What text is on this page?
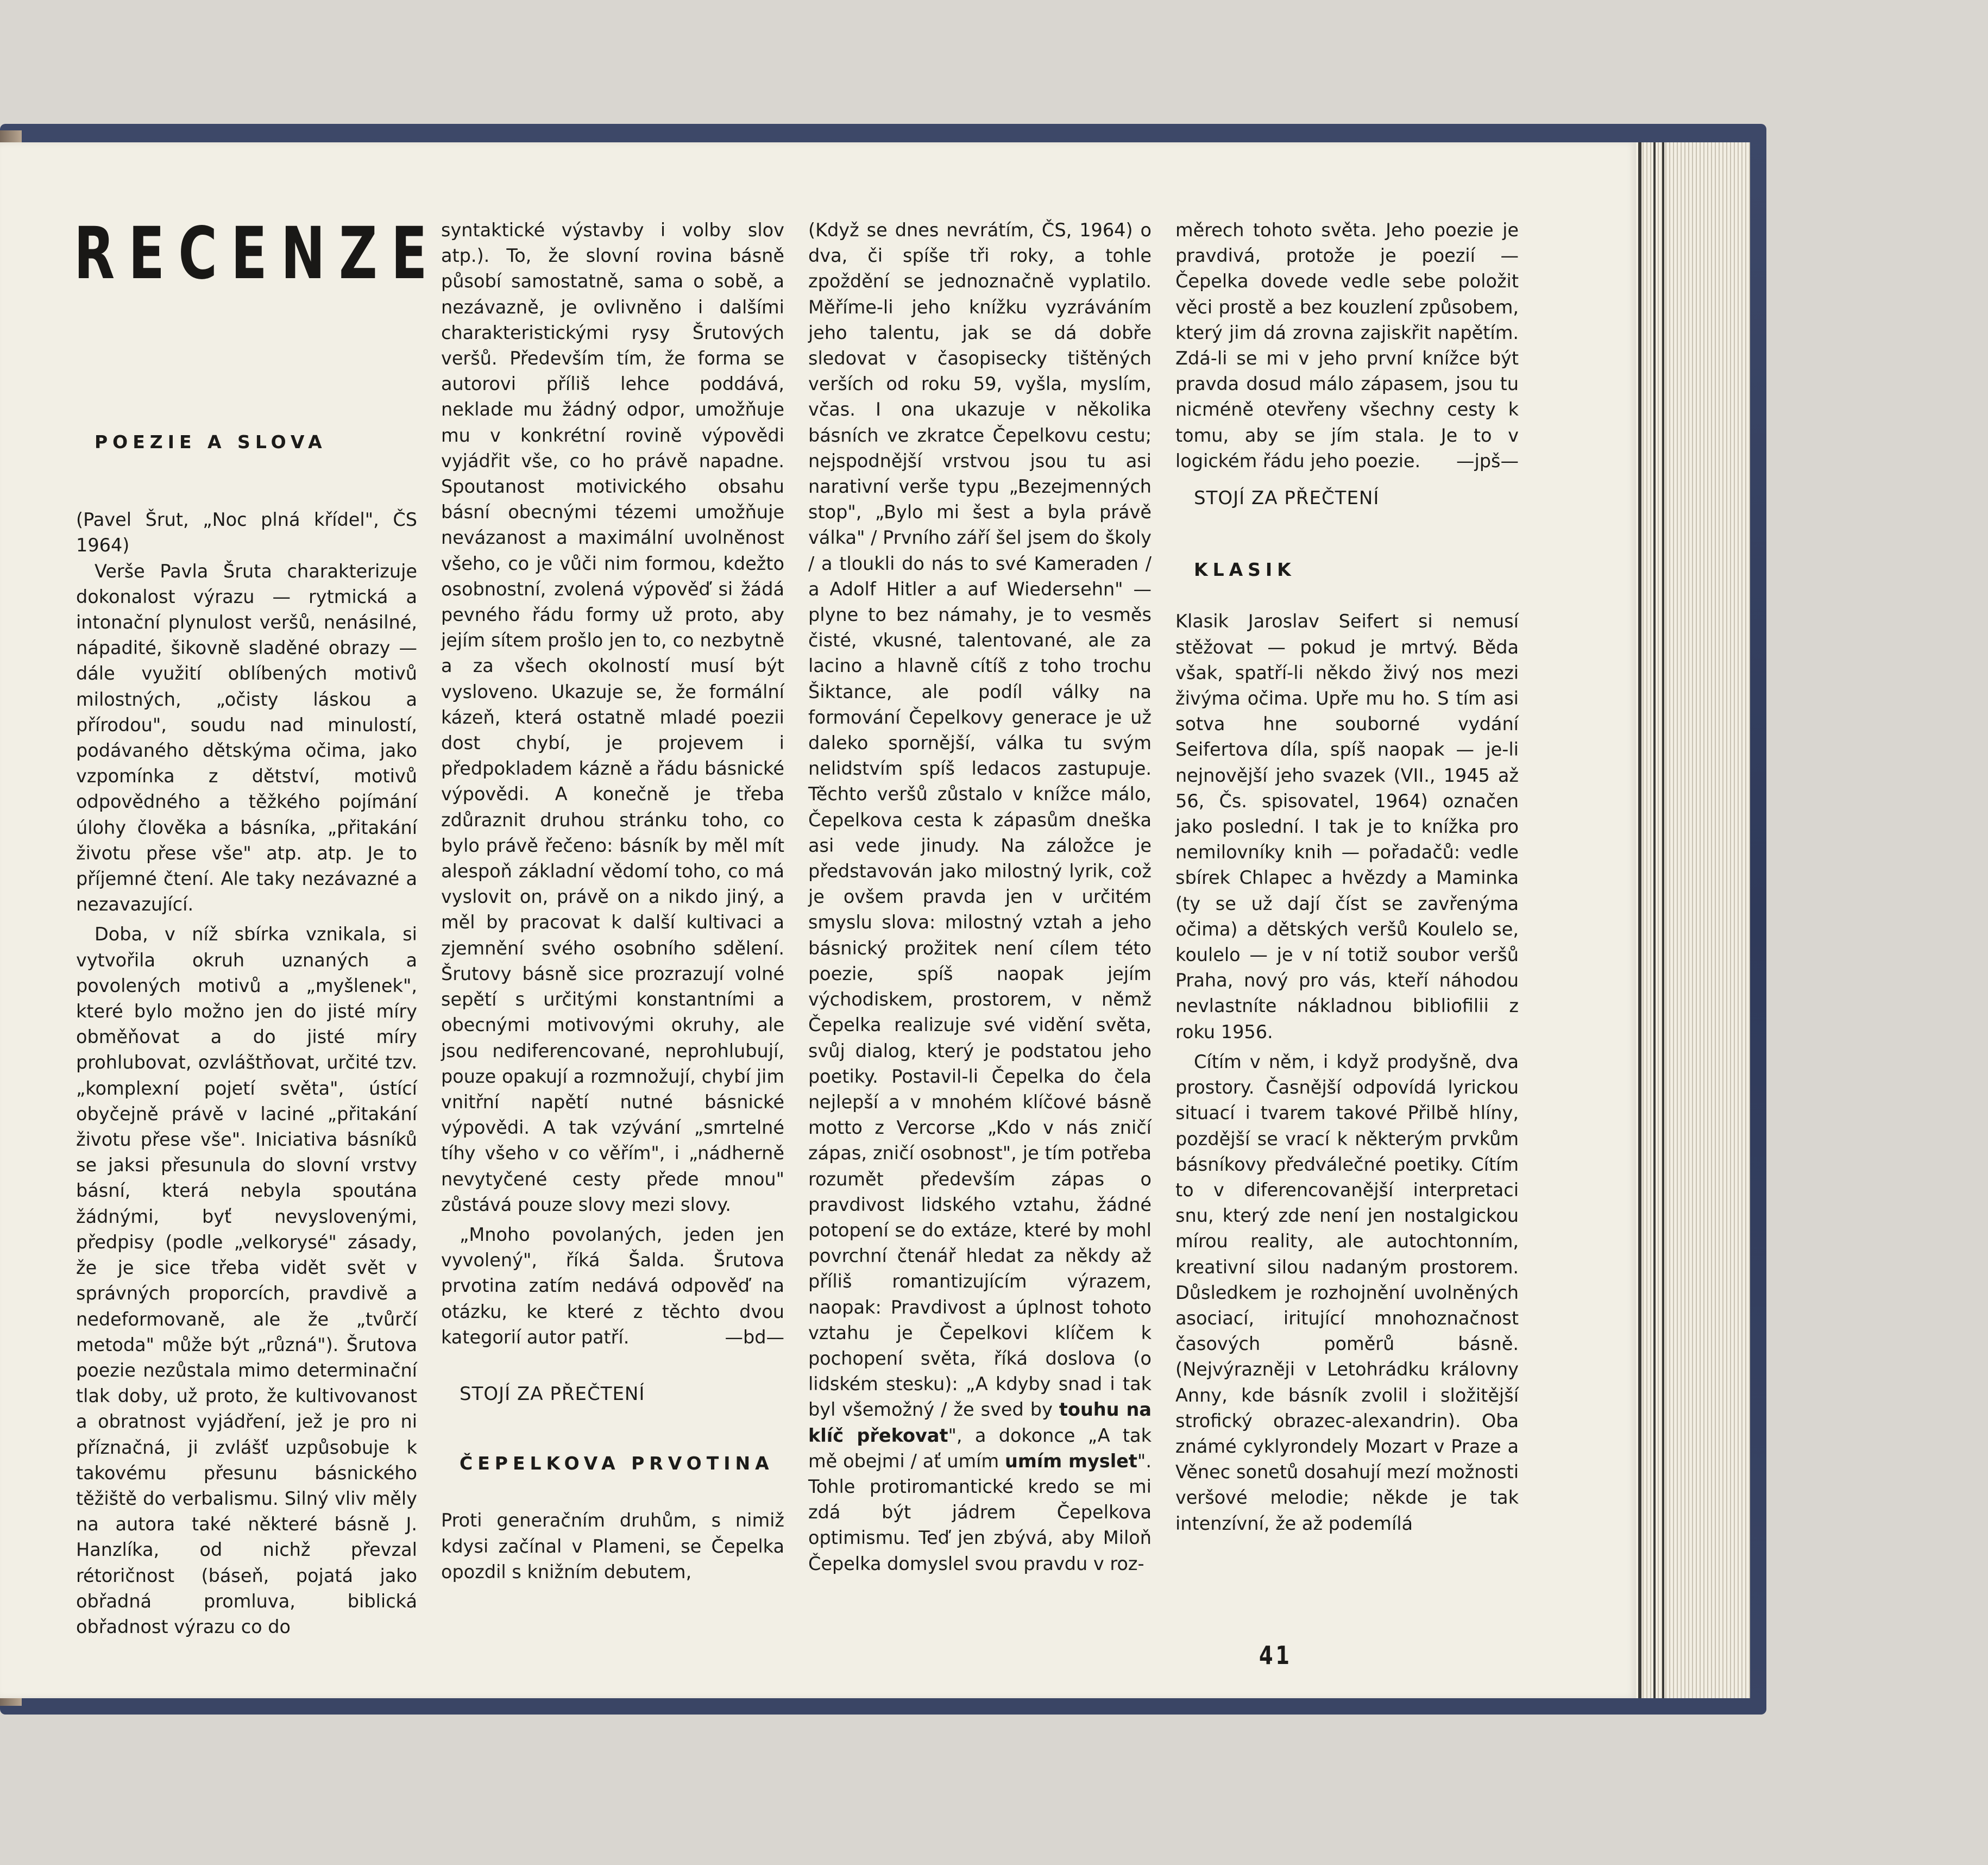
RECENZE

POEZIE A SLOVA

(Pavel Šrut, „Noc plná křídel", ČS 1964)

Verše Pavla Šruta charakterizuje dokonalost výrazu — rytmická a intonační plynulost veršů, nenásilné, nápadité, šikovně sladěné obrazy — dále využití oblíbených motivů milostných, „očisty láskou a přírodou", soudu nad minulostí, podávaného dětskýma očima, jako vzpomínka z dětství, motivů odpovědného a těžkého pojímání úlohy člověka a básníka, „přitakání životu přese vše" atp. atp. Je to příjemné čtení. Ale taky nezávazné a nezavazující.

Doba, v níž sbírka vznikala, si vytvořila okruh uznaných a povolených motivů a „myšlenek", které bylo možno jen do jisté míry obměňovat a do jisté míry prohlubovat, ozvláštňovat, určité tzv. „komplexní pojetí světa", ústící obyčejně právě v laciné „přitakání životu přese vše". Iniciativa básníků se jaksi přesunula do slovní vrstvy básní, která nebyla spoutána žádnými, byť nevyslovenými, předpisy (podle „velkorysé" zásady, že je sice třeba vidět svět v správných proporcích, pravdivě a nedeformovaně, ale že „tvůrčí metoda" může být „různá"). Šrutova poezie nezůstala mimo determinační tlak doby, už proto, že kultivovanost a obratnost vyjádření, jež je pro ni příznačná, ji zvlášť uzpůsobuje k takovému přesunu básnického těžiště do verbalismu. Silný vliv měly na autora také některé básně J. Hanzlíka, od nichž převzal rétoričnost (báseň, pojatá jako obřadná promluva, biblická obřadnost výrazu co do

syntaktické výstavby i volby slov atp.). To, že slovní rovina básně působí samostatně, sama o sobě, a nezávazně, je ovlivněno i dalšími charakteristickými rysy Šrutových veršů. Především tím, že forma se autorovi příliš lehce poddává, neklade mu žádný odpor, umožňuje mu v konkrétní rovině výpovědi vyjádřit vše, co ho právě napadne. Spoutanost motivického obsahu básní obecnými tézemi umožňuje nevázanost a maximální uvolněnost všeho, co je vůči nim formou, kdežto osobnostní, zvolená výpověď si žádá pevného řádu formy už proto, aby jejím sítem prošlo jen to, co nezbytně a za všech okolností musí být vysloveno. Ukazuje se, že formální kázeň, která ostatně mladé poezii dost chybí, je projevem i předpokladem kázně a řádu básnické výpovědi. A konečně je třeba zdůraznit druhou stránku toho, co bylo právě řečeno: básník by měl mít alespoň základní vědomí toho, co má vyslovit on, právě on a nikdo jiný, a měl by pracovat k další kultivaci a zjemnění svého osobního sdělení. Šrutovy básně sice prozrazují volné sepětí s určitými konstantními a obecnými motivovými okruhy, ale jsou nediferencované, neprohlubují, pouze opakují a rozmnožují, chybí jim vnitřní napětí nutné básnické výpovědi. A tak vzývání „smrtelné tíhy všeho v co věřím", i „nádherně nevytyčené cesty přede mnou" zůstává pouze slovy mezi slovy.

„Mnoho povolaných, jeden jen vyvolený", říká Šalda. Šrutova prvotina zatím nedává odpověď na otázku, ke které z těchto dvou kategorií autor patří.	—bd—

STOJÍ ZA PŘEČTENÍ

ČEPELKOVA PRVOTINA

Proti generačním druhům, s nimiž kdysi začínal v Plameni, se Čepelka opozdil s knižním debutem,

(Když se dnes nevrátím, ČS, 1964) o dva, či spíše tři roky, a tohle zpoždění se jednoznačně vyplatilo. Měříme-li jeho knížku vyzráváním jeho talentu, jak se dá dobře sledovat v časopisecky tištěných verších od roku 59, vyšla, myslím, včas. I ona ukazuje v několika básních ve zkratce Čepelkovu cestu; nejspodnější vrstvou jsou tu asi narativní verše typu „Bezejmenných stop", „Bylo mi šest a byla právě válka" / Prvního září šel jsem do školy / a tloukli do nás to své Kameraden / a Adolf Hitler a auf Wiedersehn" — plyne to bez námahy, je to vesměs čisté, vkusné, talentované, ale za lacino a hlavně cítíš z toho trochu Šiktance, ale podíl války na formování Čepelkovy generace je už daleko spornější, válka tu svým nelidstvím spíš ledacos zastupuje. Těchto veršů zůstalo v knížce málo, Čepelkova cesta k zápasům dneška asi vede jinudy. Na záložce je představován jako milostný lyrik, což je ovšem pravda jen v určitém smyslu slova: milostný vztah a jeho básnický prožitek není cílem této poezie, spíš naopak jejím východiskem, prostorem, v němž Čepelka realizuje své vidění světa, svůj dialog, který je podstatou jeho poetiky. Postavil-li Čepelka do čela nejlepší a v mnohém klíčové básně motto z Vercorse „Kdo v nás zničí zápas, zničí osobnost", je tím potřeba rozumět především zápas o pravdivost lidského vztahu, žádné potopení se do extáze, které by mohl povrchní čtenář hledat za někdy až příliš romantizujícím výrazem, naopak: Pravdivost a úplnost tohoto vztahu je Čepelkovi klíčem k pochopení světa, říká doslova (o lidském stesku): „A kdyby snad i tak byl všemožný / že sved by touhu na klíč překovat", a dokonce „A tak mě obejmi / ať umím umím myslet". Tohle protiromantické kredo se mi zdá být jádrem Čepelkova optimismu. Teď jen zbývá, aby Miloň Čepelka domyslel svou pravdu v roz-

měrech tohoto světa. Jeho poezie je pravdivá, protože je poezií — Čepelka dovede vedle sebe položit věci prostě a bez kouzlení způsobem, který jim dá zrovna zajiskřit napětím. Zdá-li se mi v jeho první knížce být pravda dosud málo zápasem, jsou tu nicméně otevřeny všechny cesty k tomu, aby se jím stala. Je to v logickém řádu jeho poezie. —jpš—

STOJÍ ZA PŘEČTENÍ

KLASIK

Klasik Jaroslav Seifert si nemusí stěžovat — pokud je mrtvý. Běda však, spatří-li někdo živý nos mezi živýma očima. Upře mu ho. S tím asi sotva hne souborné vydání Seifertova díla, spíš naopak — je-li nejnovější jeho svazek (VII., 1945 až 56, Čs. spisovatel, 1964) označen jako poslední. I tak je to knížka pro nemilovníky knih — pořadačů: vedle sbírek Chlapec a hvězdy a Maminka (ty se už dají číst se zavřenýma očima) a dětských veršů Koulelo se, koulelo — je v ní totiž soubor veršů Praha, nový pro vás, kteří náhodou nevlastníte nákladnou bibliofilii z roku 1956.

Cítím v něm, i když prodyšně, dva prostory. Časnější odpovídá lyrickou situací i tvarem takové Přilbě hlíny, pozdější se vrací k některým prvkům básníkovy předválečné poetiky. Cítím to v diferencovanější interpretaci snu, který zde není jen nostalgickou mírou reality, ale autochtonním, kreativní silou nadaným prostorem. Důsledkem je rozhojnění uvolněných asociací, iritující mnohoznačnost časových poměrů básně. (Nejvýrazněji v Letohrádku královny Anny, kde básník zvolil i složitější strofický obrazec-alexandrin). Oba známé cyklyrondely Mozart v Praze a Věnec sonetů dosahují mezí možnosti veršové melodie; někde je tak intenzívní, že až podemílá

41
